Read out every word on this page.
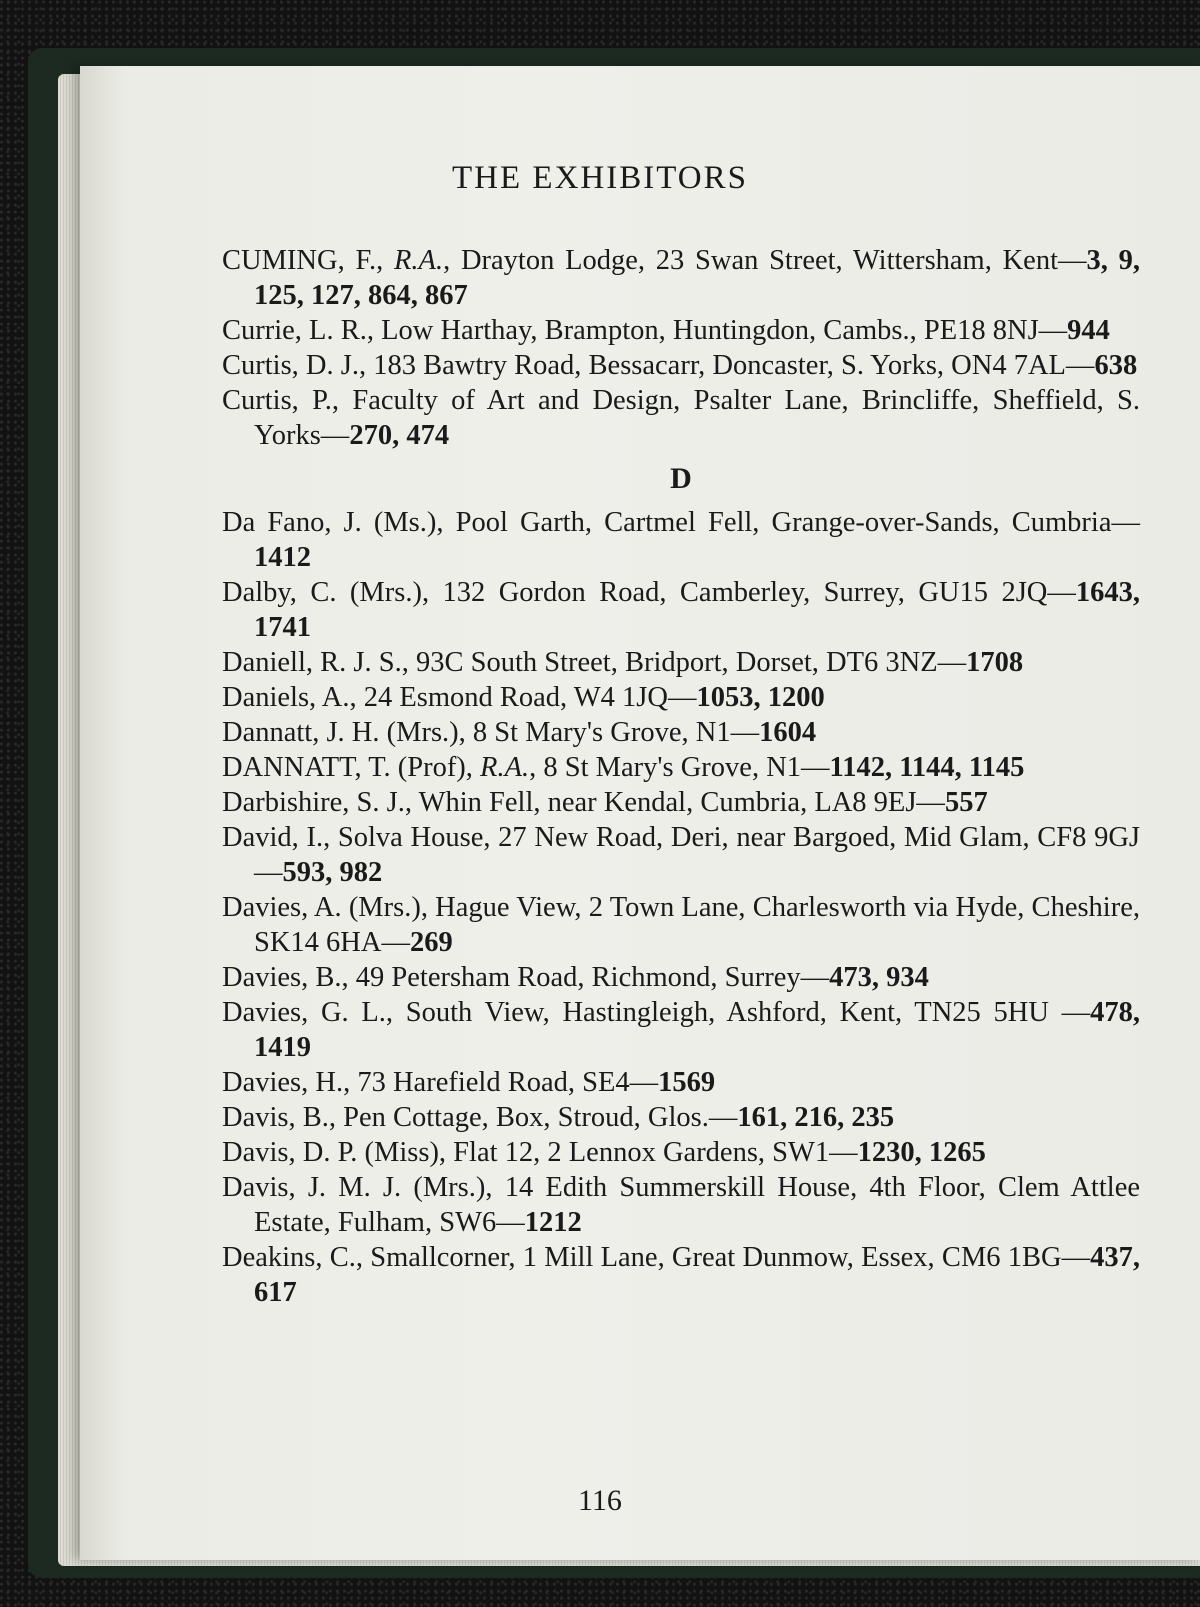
THE EXHIBITORS

CUMING, F., R.A., Drayton Lodge, 23 Swan Street, Wittersham, Kent—3, 9, 125, 127, 864, 867

Currie, L. R., Low Harthay, Brampton, Huntingdon, Cambs., PE18 8NJ—944

Curtis, D. J., 183 Bawtry Road, Bessacarr, Doncaster, S. Yorks, ON4 7AL—638

Curtis, P., Faculty of Art and Design, Psalter Lane, Brincliffe, Sheffield, S. Yorks—270, 474

D

Da Fano, J. (Ms.), Pool Garth, Cartmel Fell, Grange-over-Sands, Cumbria—1412

Dalby, C. (Mrs.), 132 Gordon Road, Camberley, Surrey, GU15 2JQ—1643, 1741

Daniell, R. J. S., 93C South Street, Bridport, Dorset, DT6 3NZ—1708

Daniels, A., 24 Esmond Road, W4 1JQ—1053, 1200

Dannatt, J. H. (Mrs.), 8 St Mary's Grove, N1—1604

DANNATT, T. (Prof), R.A., 8 St Mary's Grove, N1—1142, 1144, 1145

Darbishire, S. J., Whin Fell, near Kendal, Cumbria, LA8 9EJ—557

David, I., Solva House, 27 New Road, Deri, near Bargoed, Mid Glam, CF8 9GJ—593, 982

Davies, A. (Mrs.), Hague View, 2 Town Lane, Charlesworth via Hyde, Cheshire, SK14 6HA—269

Davies, B., 49 Petersham Road, Richmond, Surrey—473, 934

Davies, G. L., South View, Hastingleigh, Ashford, Kent, TN25 5HU —478, 1419

Davies, H., 73 Harefield Road, SE4—1569

Davis, B., Pen Cottage, Box, Stroud, Glos.—161, 216, 235

Davis, D. P. (Miss), Flat 12, 2 Lennox Gardens, SW1—1230, 1265

Davis, J. M. J. (Mrs.), 14 Edith Summerskill House, 4th Floor, Clem Attlee Estate, Fulham, SW6—1212

Deakins, C., Smallcorner, 1 Mill Lane, Great Dunmow, Essex, CM6 1BG—437, 617

116
